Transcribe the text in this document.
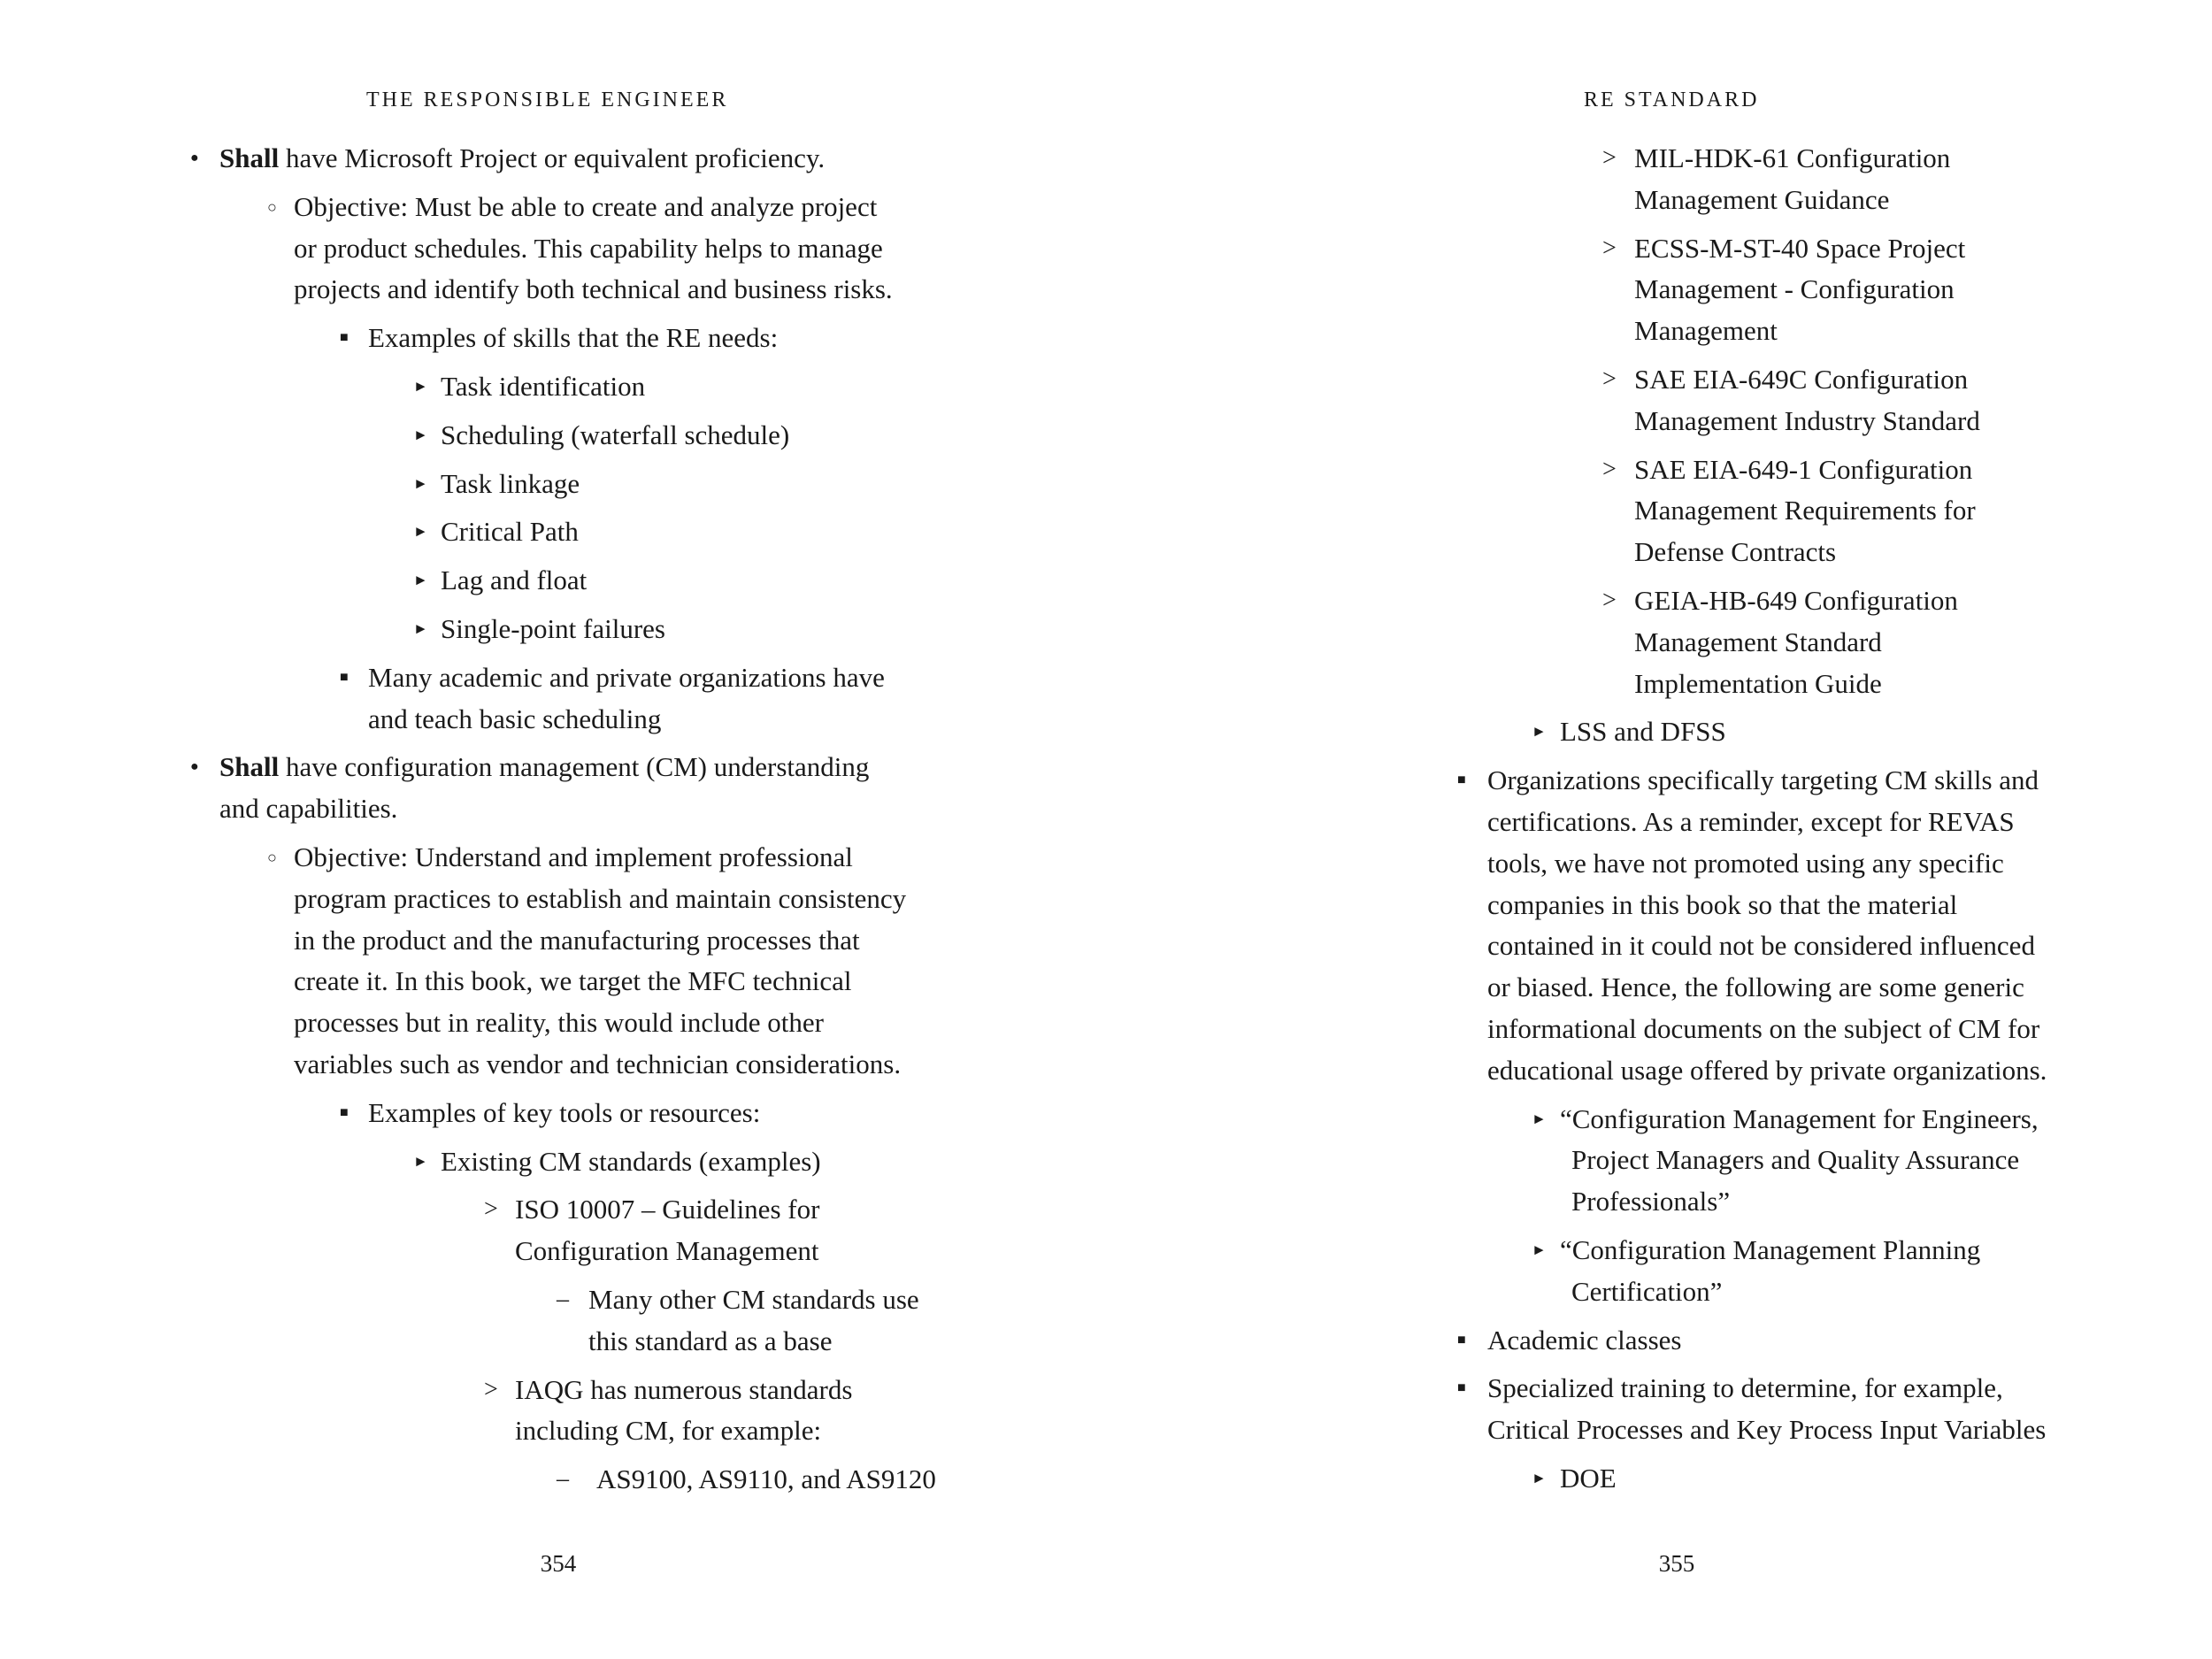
THE RESPONSIBLE ENGINEER
● Shall have Microsoft Project or equivalent proficiency.
○ Objective: Must be able to create and analyze project
or product schedules. This capability helps to manage
projects and identify both technical and business risks.
■ Examples of skills that the RE needs:
► Task identification
► Scheduling (waterfall schedule)
► Task linkage
► Critical Path
► Lag and float
► Single-point failures
■ Many academic and private organizations have
and teach basic scheduling
● Shall have configuration management (CM) understanding
and capabilities.
○ Objective: Understand and implement professional
program practices to establish and maintain consistency
in the product and the manufacturing processes that
create it. In this book, we target the MFC technical
processes but in reality, this would include other
variables such as vendor and technician considerations.
■ Examples of key tools or resources:
► Existing CM standards (examples)
> ISO 10007 – Guidelines for
Configuration Management
– Many other CM standards use
this standard as a base
> IAQG has numerous standards
including CM, for example:
– AS9100, AS9110, and AS9120
354
RE STANDARD
> MIL-HDK-61 Configuration
Management Guidance
> ECSS-M-ST-40 Space Project
Management - Configuration
Management
> SAE EIA-649C Configuration
Management Industry Standard
> SAE EIA-649-1 Configuration
Management Requirements for
Defense Contracts
> GEIA-HB-649 Configuration
Management Standard
Implementation Guide
► LSS and DFSS
■ Organizations specifically targeting CM skills and
certifications. As a reminder, except for REVAS
tools, we have not promoted using any specific
companies in this book so that the material
contained in it could not be considered influenced
or biased. Hence, the following are some generic
informational documents on the subject of CM for
educational usage offered by private organizations.
► “Configuration Management for Engineers,
Project Managers and Quality Assurance
Professionals”
► “Configuration Management Planning
Certification”
■ Academic classes
■ Specialized training to determine, for example,
Critical Processes and Key Process Input Variables
► DOE
355
